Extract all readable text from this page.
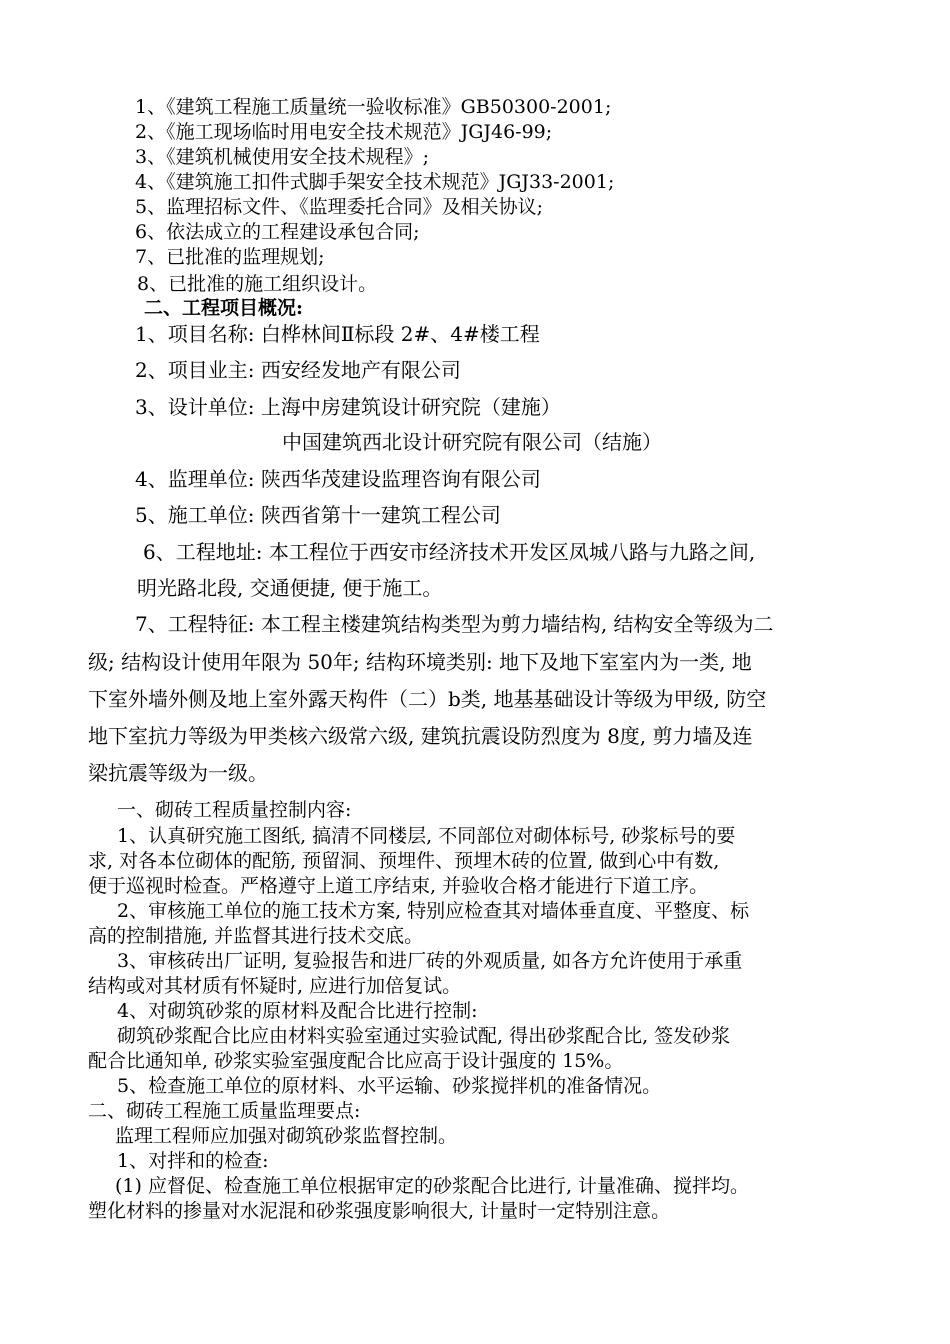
1、《建筑工程施工质量统一验收标准》GB50300-2001;
2、《施工现场临时用电安全技术规范》JGJ46-99;
3、《建筑机械使用安全技术规程》;
4、《建筑施工扣件式脚手架安全技术规范》JGJ33-2001;
5、监理招标文件、《监理委托合同》及相关协议;
6、依法成立的工程建设承包合同;
7、已批准的监理规划;
8、已批准的施工组织设计。
二、工程项目概况:
1、项目名称: 白桦林间Ⅱ标段 2#、4#楼工程
2、项目业主: 西安经发地产有限公司
3、设计单位: 上海中房建筑设计研究院（建施）
中国建筑西北设计研究院有限公司（结施）
4、监理单位: 陕西华茂建设监理咨询有限公司
5、施工单位: 陕西省第十一建筑工程公司
6、工程地址: 本工程位于西安市经济技术开发区凤城八路与九路之间,
明光路北段, 交通便捷, 便于施工。
7、工程特征: 本工程主楼建筑结构类型为剪力墙结构, 结构安全等级为二
级; 结构设计使用年限为 50年; 结构环境类别: 地下及地下室室内为一类, 地
下室外墙外侧及地上室外露天构件（二）b类, 地基基础设计等级为甲级, 防空
地下室抗力等级为甲类核六级常六级, 建筑抗震设防烈度为 8度, 剪力墙及连
梁抗震等级为一级。
一、砌砖工程质量控制内容:
1、认真研究施工图纸, 搞清不同楼层, 不同部位对砌体标号, 砂浆标号的要
求, 对各本位砌体的配筋, 预留洞、预埋件、预埋木砖的位置, 做到心中有数,
便于巡视时检查。严格遵守上道工序结束, 并验收合格才能进行下道工序。
2、审核施工单位的施工技术方案, 特别应检查其对墙体垂直度、平整度、标
高的控制措施, 并监督其进行技术交底。
3、审核砖出厂证明, 复验报告和进厂砖的外观质量, 如各方允许使用于承重
结构或对其材质有怀疑时, 应进行加倍复试。
4、对砌筑砂浆的原材料及配合比进行控制:
砌筑砂浆配合比应由材料实验室通过实验试配, 得出砂浆配合比, 签发砂浆
配合比通知单, 砂浆实验室强度配合比应高于设计强度的 15%。
5、检查施工单位的原材料、水平运输、砂浆搅拌机的准备情况。
二、砌砖工程施工质量监理要点:
监理工程师应加强对砌筑砂浆监督控制。
1、对拌和的检查:
(1) 应督促、检查施工单位根据审定的砂浆配合比进行, 计量准确、搅拌均。
塑化材料的掺量对水泥混和砂浆强度影响很大, 计量时一定特别注意。
